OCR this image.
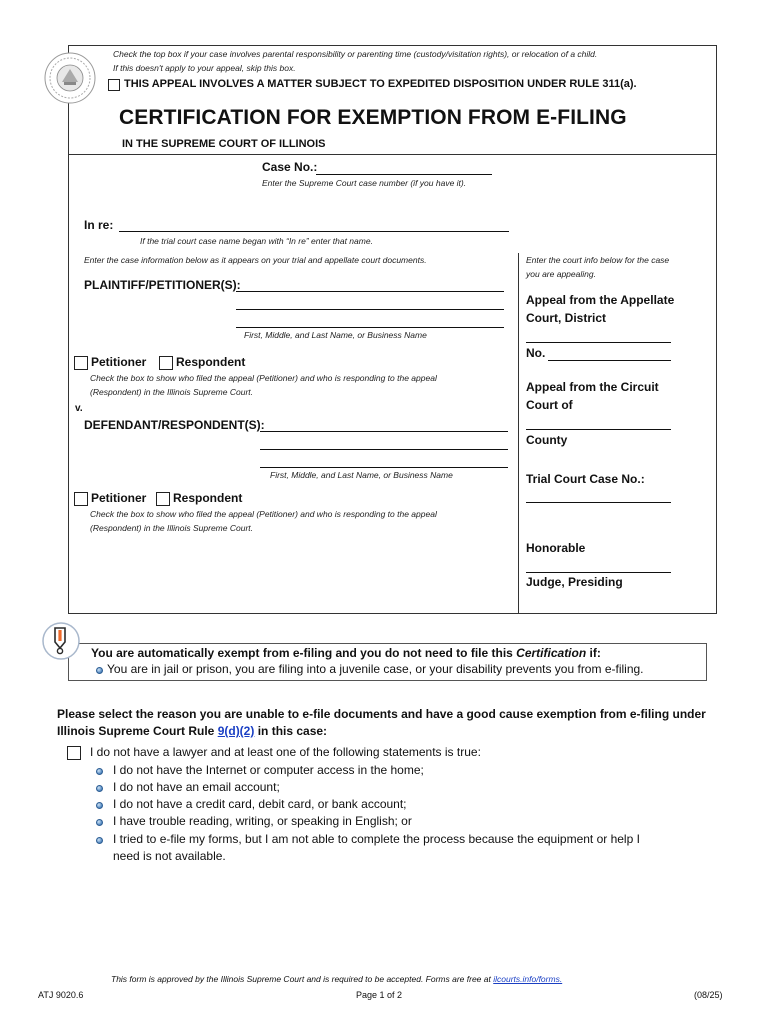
Check the top box if your case involves parental responsibility or parenting time (custody/visitation rights), or relocation of a child.
If this doesn't apply to your appeal, skip this box.
THIS APPEAL INVOLVES A MATTER SUBJECT TO EXPEDITED DISPOSITION UNDER RULE 311(a).
CERTIFICATION FOR EXEMPTION FROM E-FILING
IN THE SUPREME COURT OF ILLINOIS
Case No.:
Enter the Supreme Court case number (if you have it).
In re:
If the trial court case name began with “In re” enter that name.
Enter the case information below as it appears on your trial and appellate court documents.
PLAINTIFF/PETITIONER(S):
First, Middle, and Last Name, or Business Name
Petitioner Respondent
Check the box to show who filed the appeal (Petitioner) and who is responding to the appeal
(Respondent) in the Illinois Supreme Court.
v.
DEFENDANT/RESPONDENT(S):
First, Middle, and Last Name, or Business Name
Petitioner Respondent
Check the box to show who filed the appeal (Petitioner) and who is responding to the appeal
(Respondent) in the Illinois Supreme Court.
Enter the court info below for the case
you are appealing.
Appeal from the Appellate
Court, District
No.
Appeal from the Circuit
Court of
County
Trial Court Case No.:
Honorable
Judge, Presiding
You are automatically exempt from e-filing and you do not need to file this Certification if:
You are in jail or prison, you are filing into a juvenile case, or your disability prevents you from e-filing.
Please select the reason you are unable to e-file documents and have a good cause exemption from e-filing under
Illinois Supreme Court Rule 9(d)(2) in this case:
I do not have a lawyer and at least one of the following statements is true:
I do not have the Internet or computer access in the home;
I do not have an email account;
I do not have a credit card, debit card, or bank account;
I have trouble reading, writing, or speaking in English; or
I tried to e-file my forms, but I am not able to complete the process because the equipment or help I
need is not available.
This form is approved by the Illinois Supreme Court and is required to be accepted. Forms are free at ilcourts.info/forms.
ATJ 9020.6	Page 1 of 2	(08/25)
